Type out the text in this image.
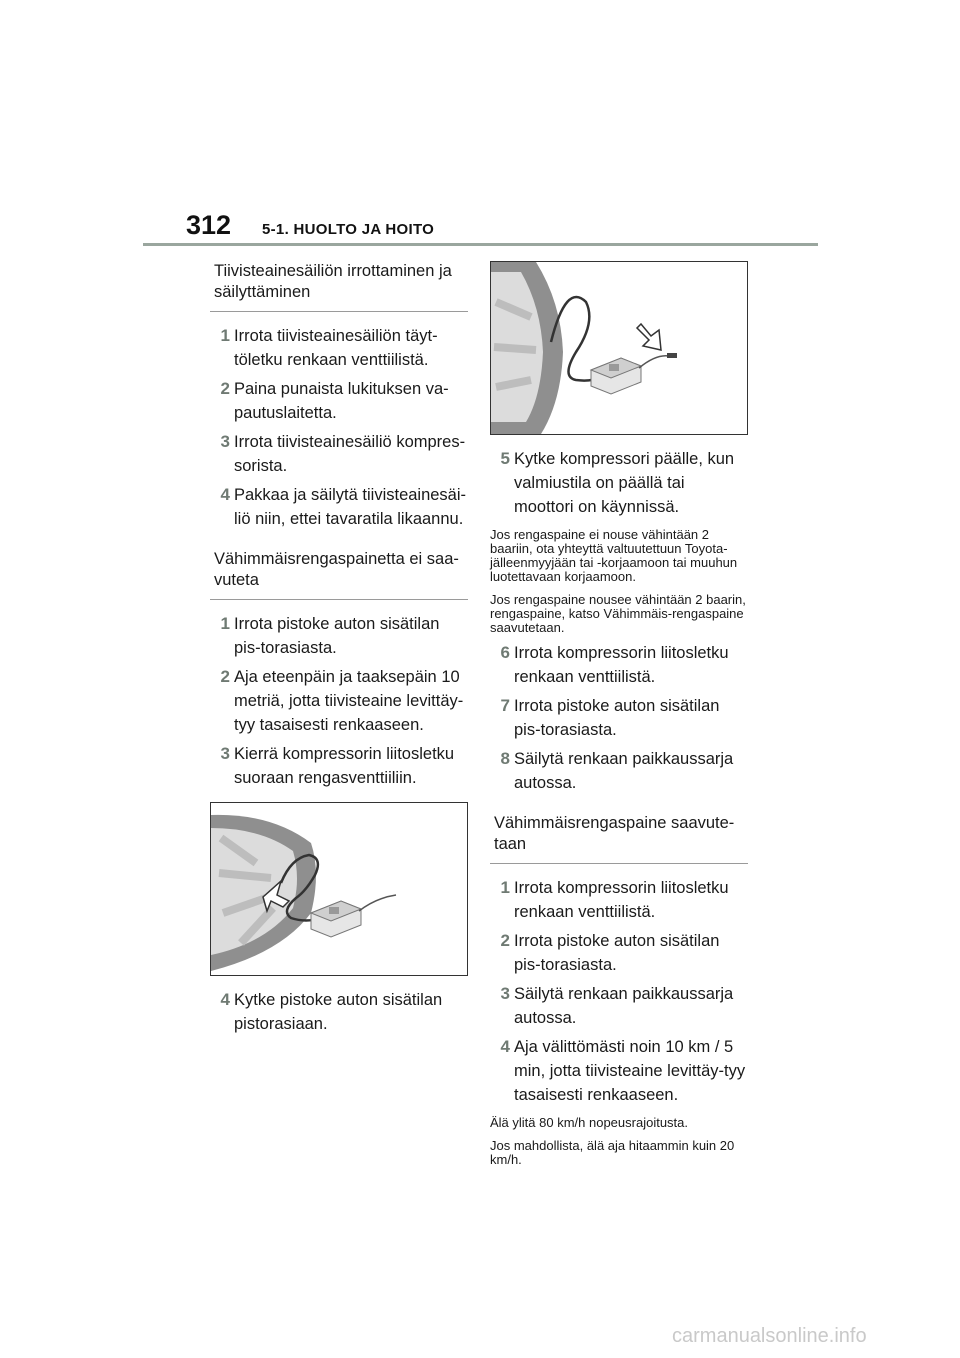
312 5-1. HUOLTO JA HOITO
Tiivisteainesäiliön irrottaminen ja säilyttäminen
1 Irrota tiivisteainesäiliön täyt-töletku renkaan venttiilistä.
2 Paina punaista lukituksen va-pautuslaitetta.
3 Irrota tiivisteainesäiliö kompres-sorista.
4 Pakkaa ja säilytä tiivisteainesäi-liö niin, ettei tavaratila likaannu.
Vähimmäisrengaspainetta ei saa-vuteta
1 Irrota pistoke auton sisätilan pis-torasiasta.
2 Aja eteenpäin ja taaksepäin 10 metriä, jotta tiivisteaine levittäy-tyy tasaisesti renkaaseen.
3 Kierrä kompressorin liitosletku suoraan rengasventtiiliin.
4 Kytke pistoke auton sisätilan pistorasiaan.
5 Kytke kompressori päälle, kun valmiustila on päällä tai moottori on käynnissä.
Jos rengaspaine ei nouse vähintään 2 baariin, ota yhteyttä valtuutettuun Toyota-jälleenmyyjään tai -korjaamoon tai muuhun luotettavaan korjaamoon.
Jos rengaspaine nousee vähintään 2 baarin, rengaspaine, katso Vähimmäis-rengaspaine saavutetaan.
6 Irrota kompressorin liitosletku renkaan venttiilistä.
7 Irrota pistoke auton sisätilan pis-torasiasta.
8 Säilytä renkaan paikkaussarja autossa.
Vähimmäisrengaspaine saavute-taan
1 Irrota kompressorin liitosletku renkaan venttiilistä.
2 Irrota pistoke auton sisätilan pis-torasiasta.
3 Säilytä renkaan paikkaussarja autossa.
4 Aja välittömästi noin 10 km / 5 min, jotta tiivisteaine levittäy-tyy tasaisesti renkaaseen.
Älä ylitä 80 km/h nopeusrajoitusta.
Jos mahdollista, älä aja hitaammin kuin 20 km/h.
carmanualsonline.info
